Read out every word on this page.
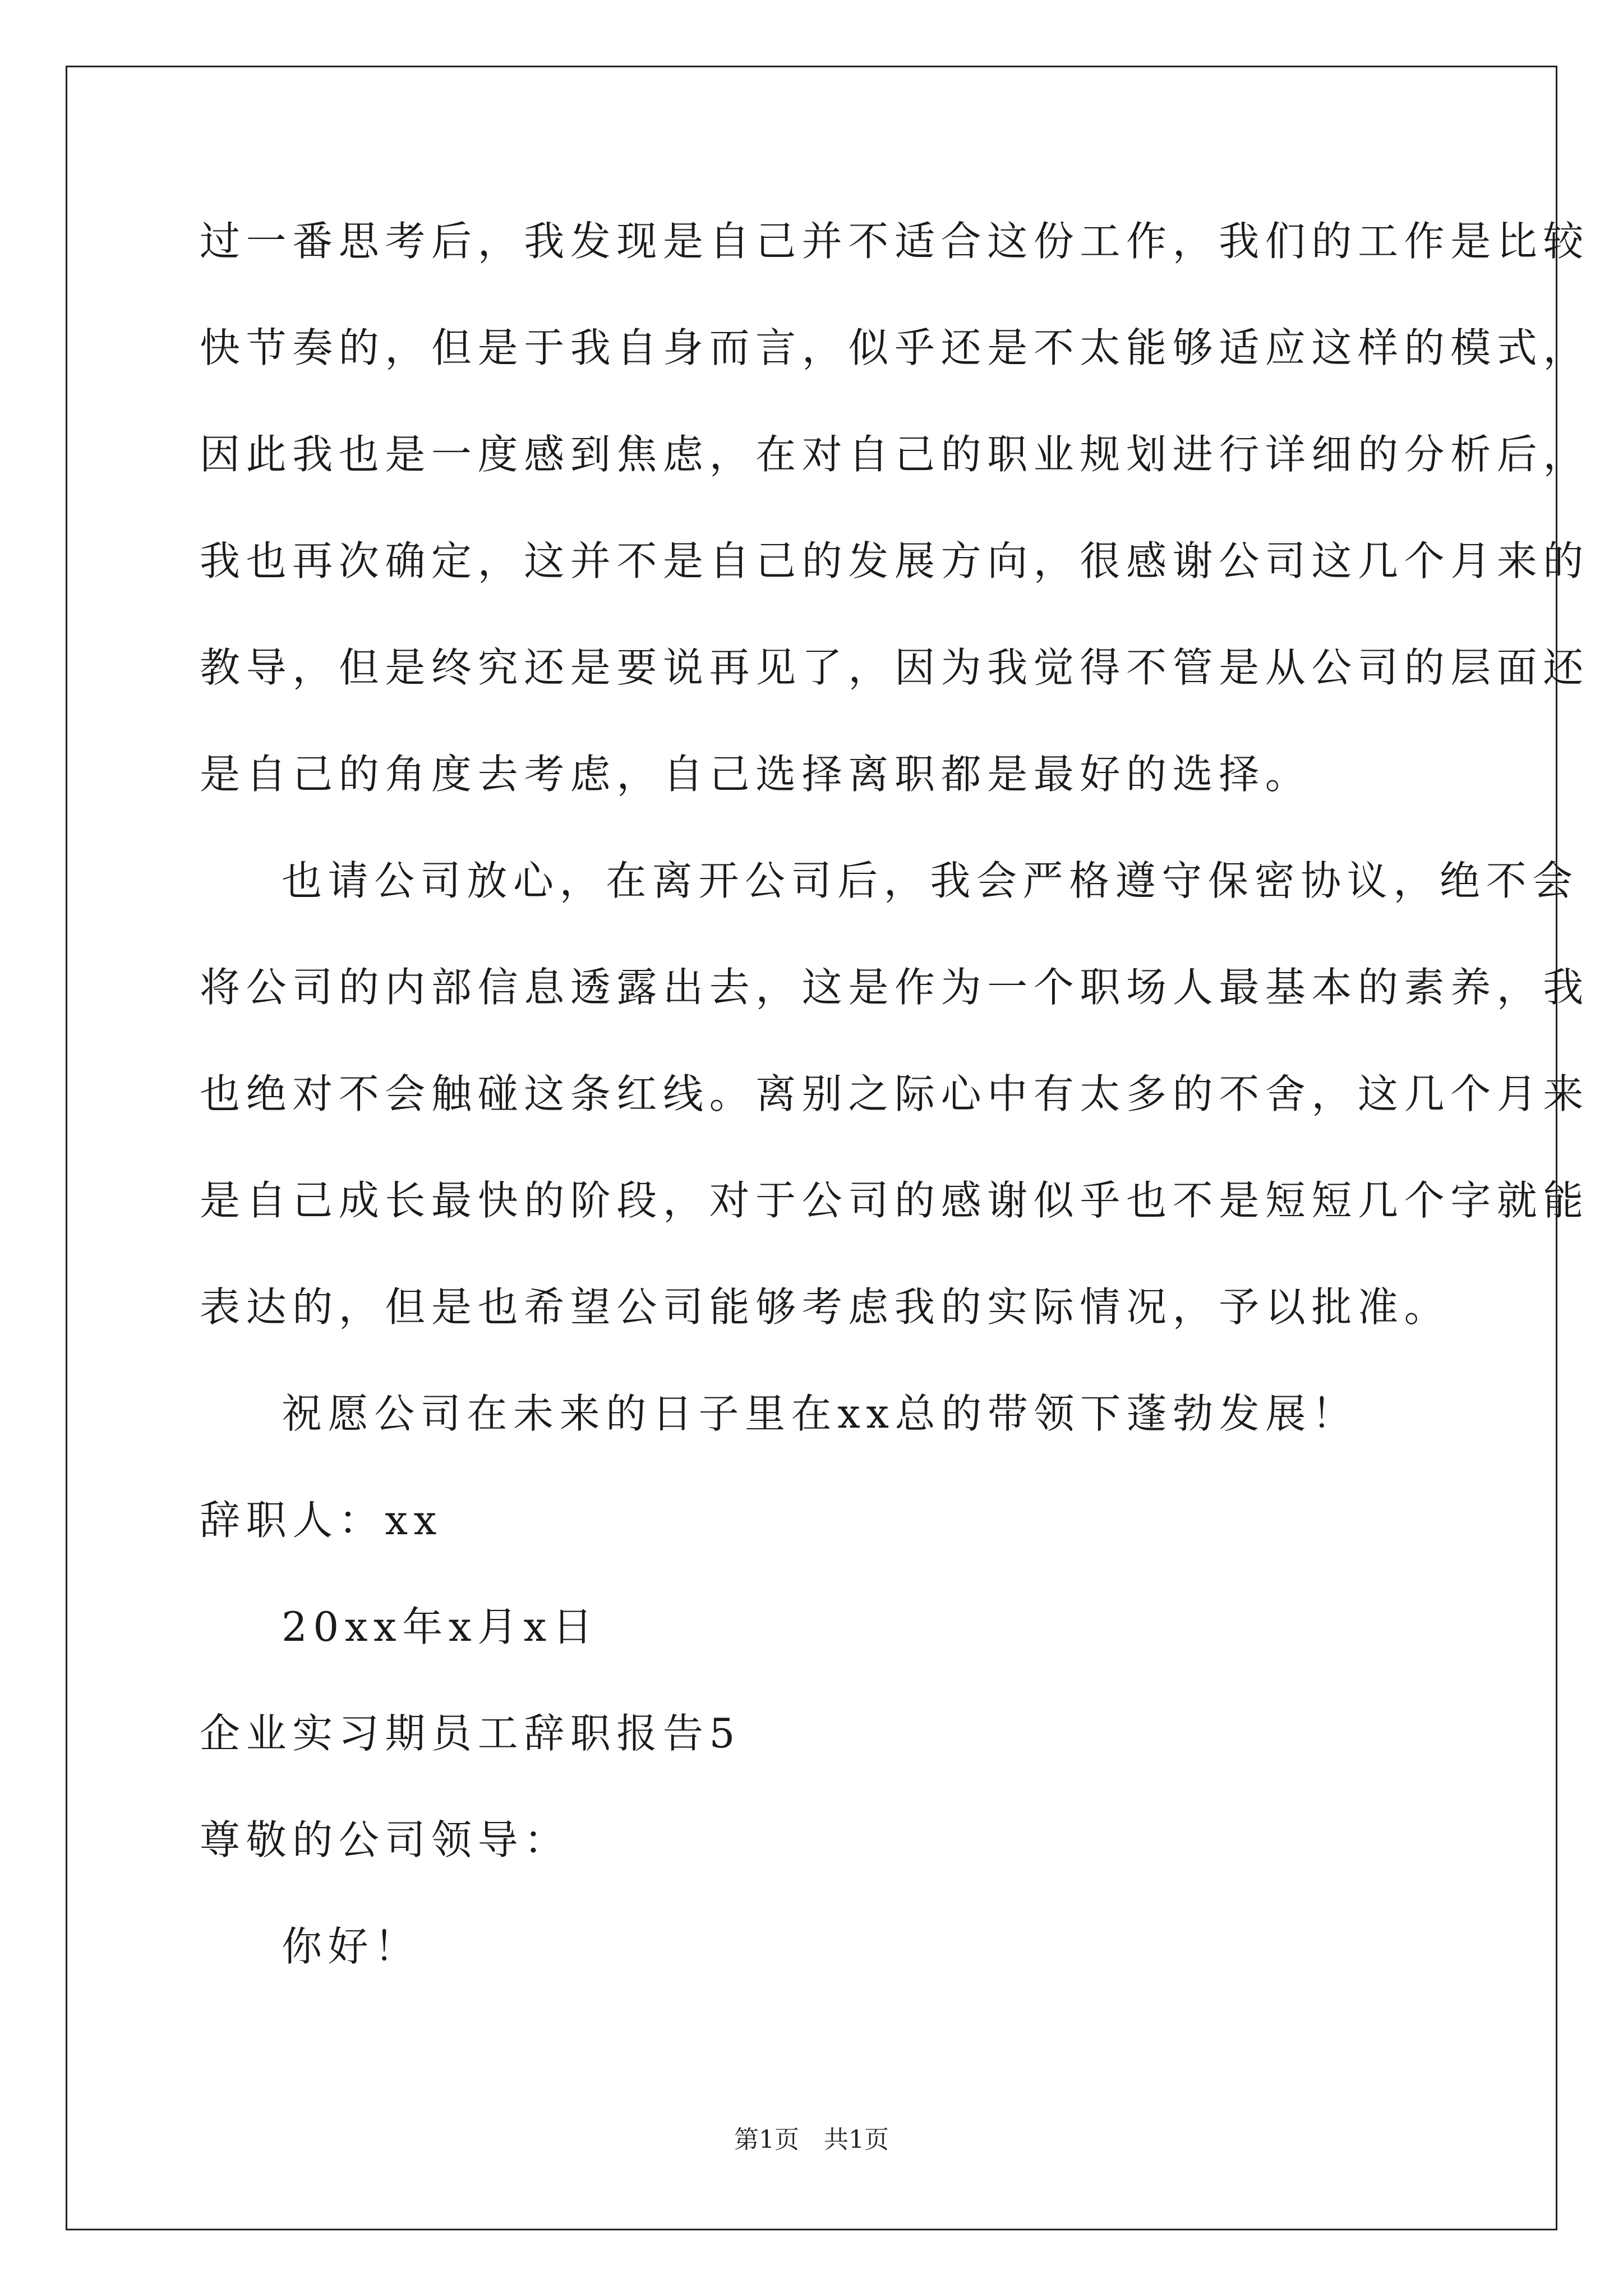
过一番思考后，我发现是自己并不适合这份工作，我们的工作是比较
快节奏的，但是于我自身而言，似乎还是不太能够适应这样的模式，
因此我也是一度感到焦虑，在对自己的职业规划进行详细的分析后，
我也再次确定，这并不是自己的发展方向，很感谢公司这几个月来的
教导，但是终究还是要说再见了，因为我觉得不管是从公司的层面还
是自己的角度去考虑，自己选择离职都是最好的选择。
也请公司放心，在离开公司后，我会严格遵守保密协议，绝不会
将公司的内部信息透露出去，这是作为一个职场人最基本的素养，我
也绝对不会触碰这条红线。离别之际心中有太多的不舍，这几个月来
是自己成长最快的阶段，对于公司的感谢似乎也不是短短几个字就能
表达的，但是也希望公司能够考虑我的实际情况，予以批准。
祝愿公司在未来的日子里在xx总的带领下蓬勃发展！
辞职人：xx
20xx年x月x日
企业实习期员工辞职报告5
尊敬的公司领导：
你好！
第1页　共1页
